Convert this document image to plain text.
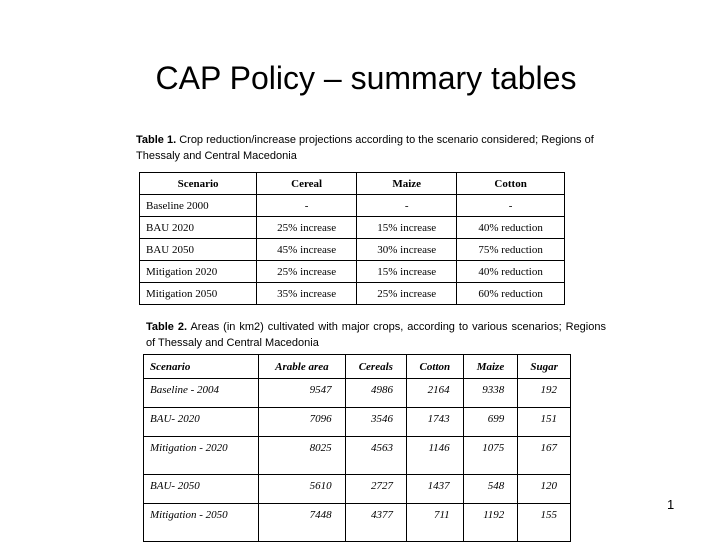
CAP Policy – summary tables
Table 1. Crop reduction/increase projections according to the scenario considered; Regions of Thessaly and Central Macedonia
Scenario	Cereal	Maize	Cotton
Baseline 2000	-	-	-
BAU 2020	25% increase	15% increase	40% reduction
BAU 2050	45% increase	30% increase	75% reduction
Mitigation 2020	25% increase	15% increase	40% reduction
Mitigation 2050	35% increase	25% increase	60% reduction
Table 2. Areas (in km2) cultivated with major crops, according to various scenarios; Regions of Thessaly and Central Macedonia
Scenario	Arable area	Cereals	Cotton	Maize	Sugar
Baseline - 2004	9547	4986	2164	9338	192
BAU- 2020	7096	3546	1743	699	151
Mitigation - 2020	8025	4563	1146	1075	167
BAU- 2050	5610	2727	1437	548	120
Mitigation - 2050	7448	4377	711	1192	155
1
